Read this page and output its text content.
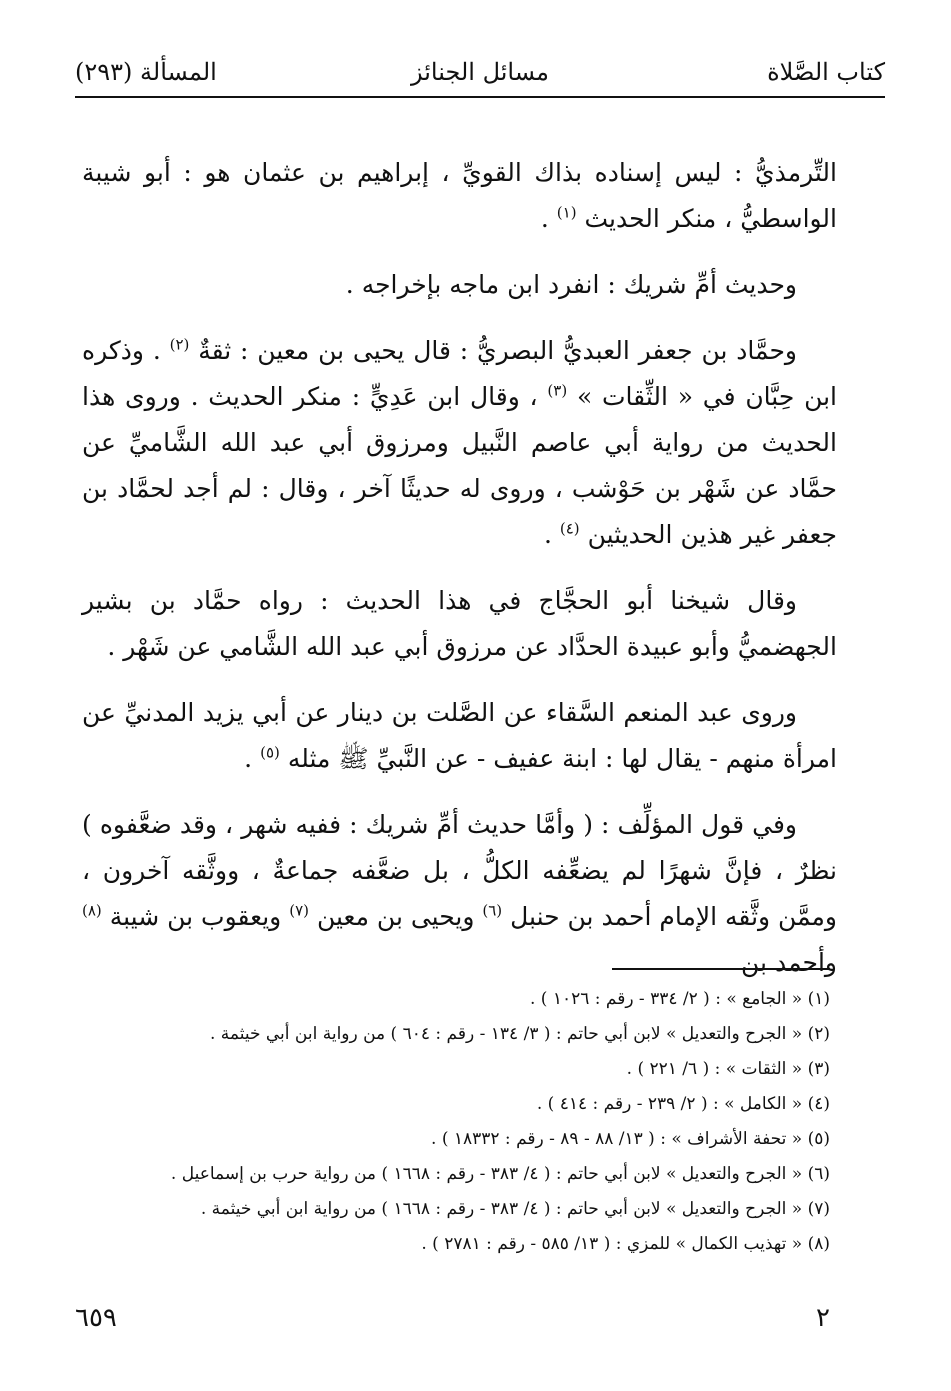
كتاب الصَّلاة
مسائل الجنائز
المسألة (٢٩٣)

التِّرمذيُّ : ليس إسناده بذاك القويِّ ، إبراهيم بن عثمان هو : أبو شيبة الواسطيُّ ، منكر الحديث $^{(١)}$ .

وحديث أمِّ شريك : انفرد ابن ماجه بإخراجه .

وحمَّاد بن جعفر العبديُّ البصريُّ : قال يحيى بن معين : ثقةٌ $^{(٢)}$ . وذكره ابن حِبَّان في « الثِّقات » $^{(٣)}$ ، وقال ابن عَدِيٍّ : منكر الحديث . وروى هذا الحديث من رواية أبي عاصم النَّبيل ومرزوق أبي عبد الله الشَّاميِّ عن حمَّاد عن شَهْر بن حَوْشب ، وروى له حديثًا آخر ، وقال : لم أجد لحمَّاد بن جعفر غير هذين الحديثين $^{(٤)}$ .

وقال شيخنا أبو الحجَّاج في هذا الحديث : رواه حمَّاد بن بشير الجهضميُّ وأبو عبيدة الحدَّاد عن مرزوق أبي عبد الله الشَّامي عن شَهْر .

وروى عبد المنعم السَّقاء عن الصَّلت بن دينار عن أبي يزيد المدنيِّ عن امرأة منهم - يقال لها : ابنة عفيف - عن النَّبيِّ ﷺ مثله $^{(٥)}$ .

وفي قول المؤلِّف : ( وأمَّا حديث أمِّ شريك : ففيه شهر ، وقد ضعَّفوه ) نظرٌ ، فإنَّ شهرًا لم يضعِّفه الكلُّ ، بل ضعَّفه جماعةٌ ، ووثَّقه آخرون ، وممَّن وثَّقه الإمام أحمد بن حنبل $^{(٦)}$ ويحيى بن معين $^{(٧)}$ ويعقوب بن شيبة $^{(٨)}$ وأحمد بن

(١) « الجامع » : ( ٢/ ٣٣٤ - رقم : ١٠٢٦ ) .
(٢) « الجرح والتعديل » لابن أبي حاتم : ( ٣/ ١٣٤ - رقم : ٦٠٤ ) من رواية ابن أبي خيثمة .
(٣) « الثقات » : ( ٦/ ٢٢١ ) .
(٤) « الكامل » : ( ٢/ ٢٣٩ - رقم : ٤١٤ ) .
(٥) « تحفة الأشراف » : ( ١٣/ ٨٨ - ٨٩ - رقم : ١٨٣٣٢ ) .
(٦) « الجرح والتعديل » لابن أبي حاتم : ( ٤/ ٣٨٣ - رقم : ١٦٦٨ ) من رواية حرب بن إسماعيل .
(٧) « الجرح والتعديل » لابن أبي حاتم : ( ٤/ ٣٨٣ - رقم : ١٦٦٨ ) من رواية ابن أبي خيثمة .
(٨) « تهذيب الكمال » للمزي : ( ١٣/ ٥٨٥ - رقم : ٢٧٨١ ) .
٢
٦٥٩
